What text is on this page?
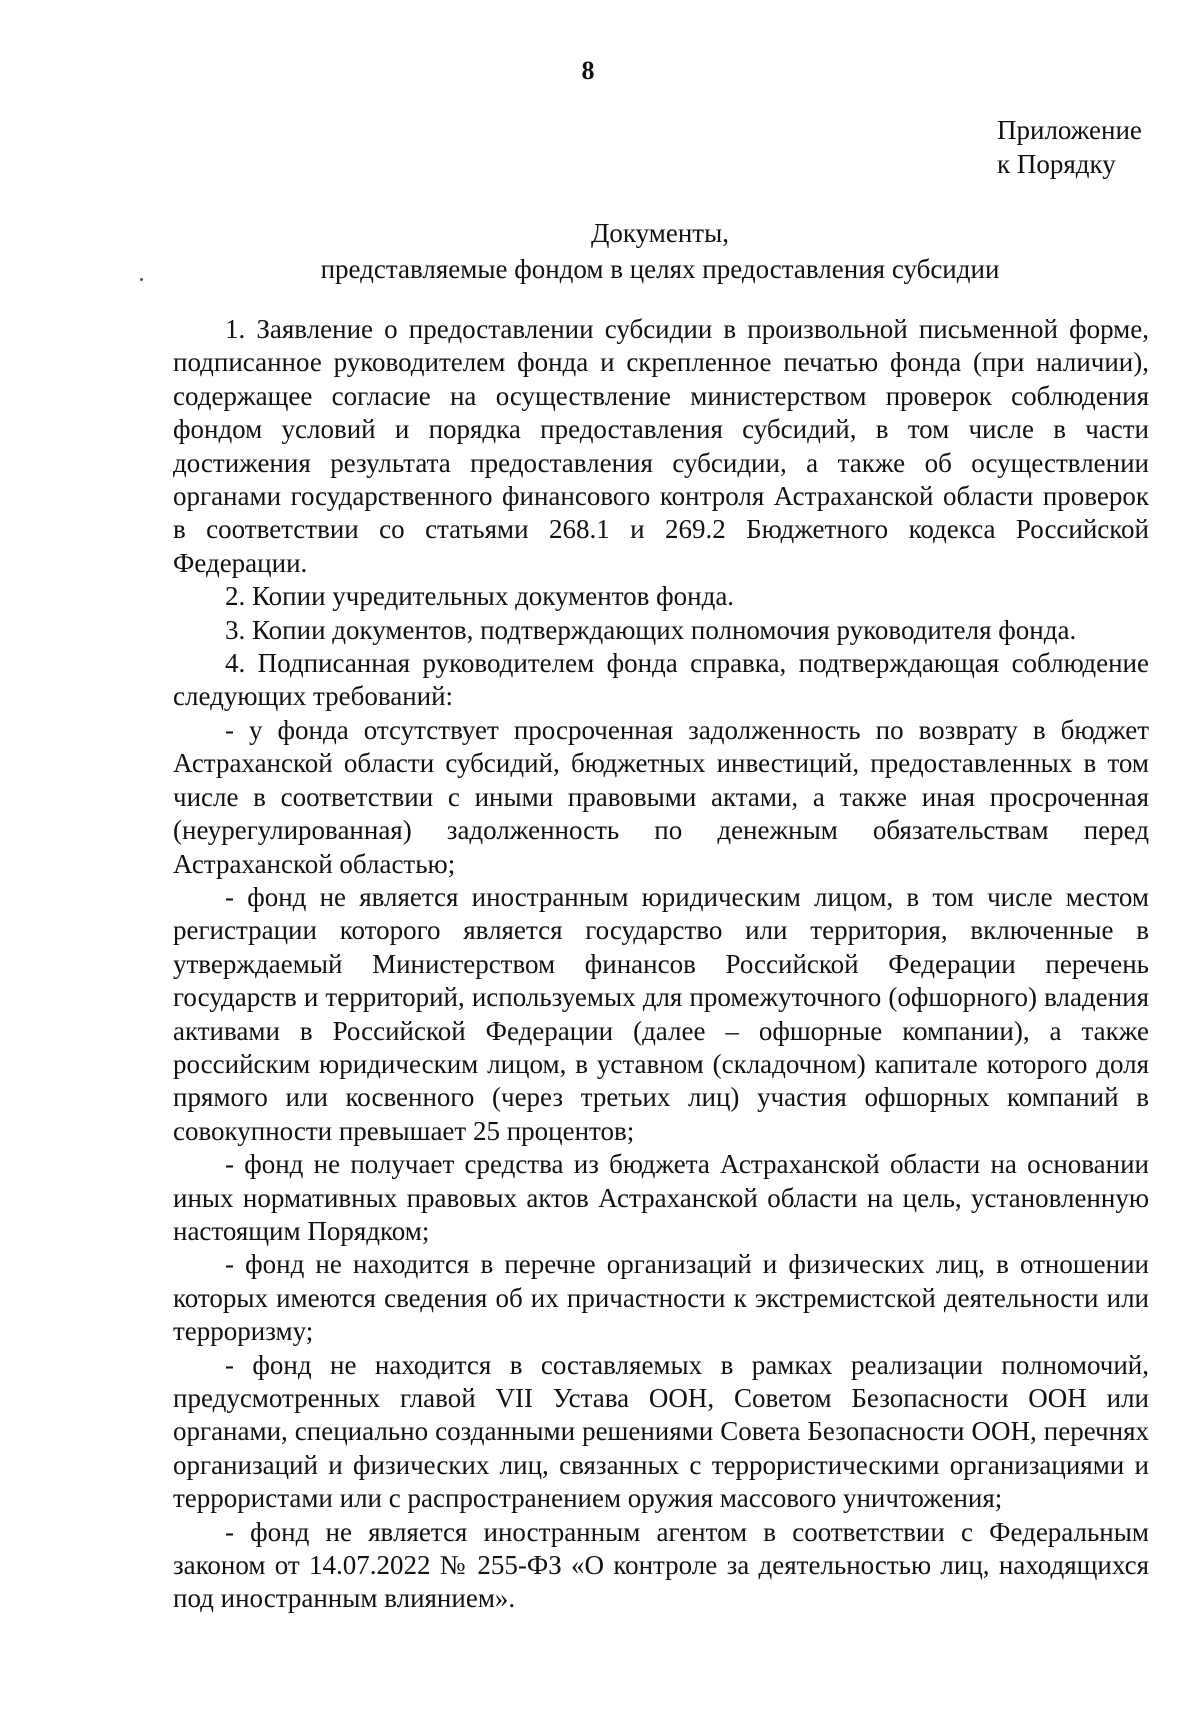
8
Приложение
к Порядку
Документы,
представляемые фондом в целях предоставления субсидии

1. Заявление о предоставлении субсидии в произвольной письменной форме, подписанное руководителем фонда и скрепленное печатью фонда (при наличии), содержащее согласие на осуществление министерством проверок соблюдения фондом условий и порядка предоставления субсидий, в том числе в части достижения результата предоставления субсидии, а также об осуществлении органами государственного финансового контроля Астраханской области проверок в соответствии со статьями 268.1 и 269.2 Бюджетного кодекса Российской Федерации.

2. Копии учредительных документов фонда.

3. Копии документов, подтверждающих полномочия руководителя фонда.

4. Подписанная руководителем фонда справка, подтверждающая соблюдение следующих требований:

- у фонда отсутствует просроченная задолженность по возврату в бюджет Астраханской области субсидий, бюджетных инвестиций, предоставленных в том числе в соответствии с иными правовыми актами, а также иная просроченная (неурегулированная) задолженность по денежным обязательствам перед Астраханской областью;

- фонд не является иностранным юридическим лицом, в том числе местом регистрации которого является государство или территория, включенные в утверждаемый Министерством финансов Российской Федерации перечень государств и территорий, используемых для промежуточного (офшорного) владения активами в Российской Федерации (далее – офшорные компании), а также российским юридическим лицом, в уставном (складочном) капитале которого доля прямого или косвенного (через третьих лиц) участия офшорных компаний в совокупности превышает 25 процентов;

- фонд не получает средства из бюджета Астраханской области на основании иных нормативных правовых актов Астраханской области на цель, установленную настоящим Порядком;

- фонд не находится в перечне организаций и физических лиц, в отношении которых имеются сведения об их причастности к экстремистской деятельности или терроризму;

- фонд не находится в составляемых в рамках реализации полномочий, предусмотренных главой VII Устава ООН, Советом Безопасности ООН или органами, специально созданными решениями Совета Безопасности ООН, перечнях организаций и физических лиц, связанных с террористическими организациями и террористами или с распространением оружия массового уничтожения;

- фонд не является иностранным агентом в соответствии с Федеральным законом от 14.07.2022 № 255-ФЗ «О контроле за деятельностью лиц, находящихся под иностранным влиянием».
